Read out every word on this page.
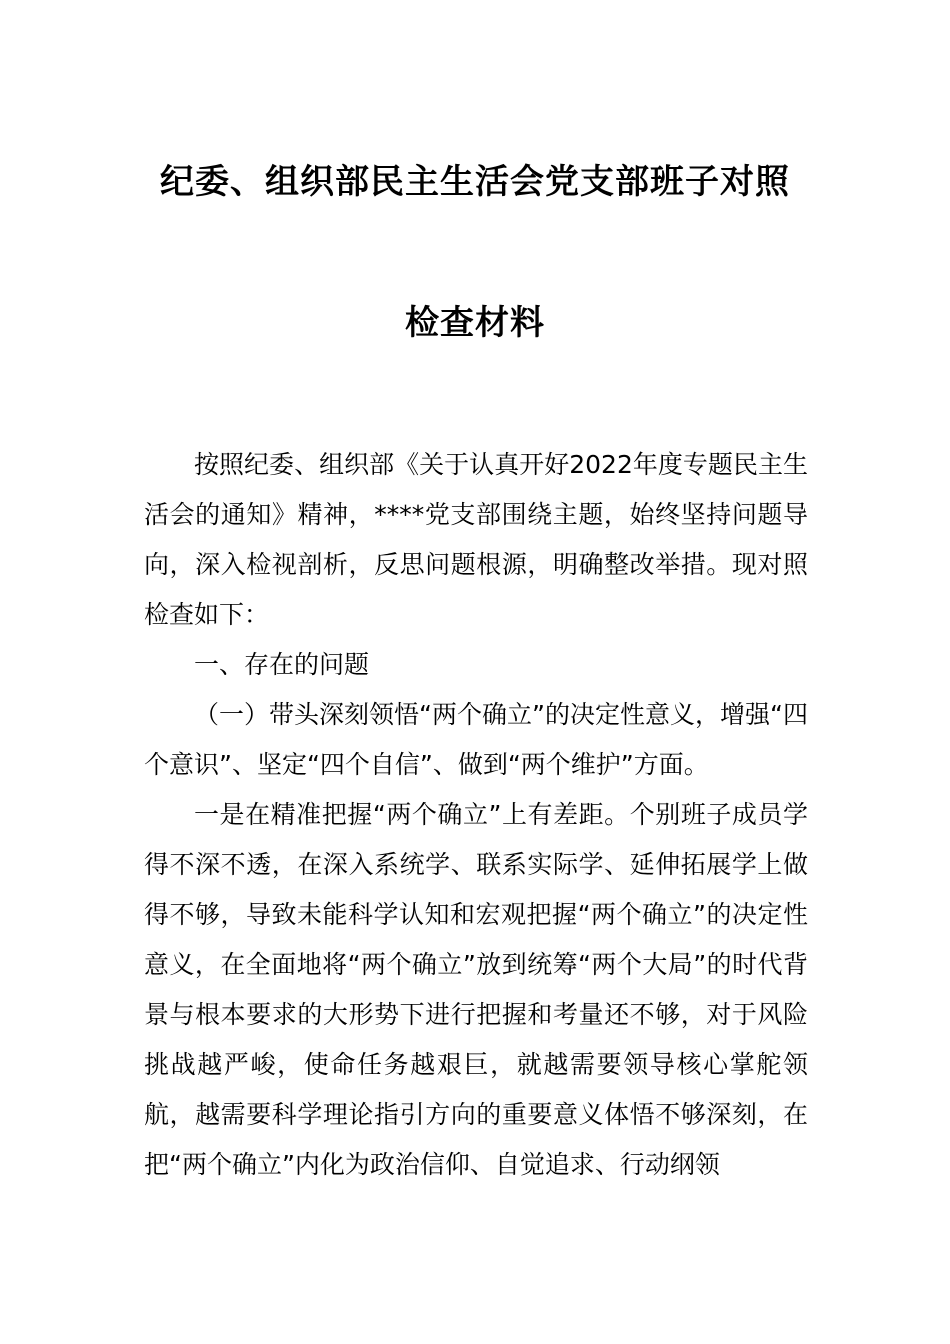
纪委、组织部民主生活会党支部班子对照
检查材料

按照纪委、组织部《关于认真开好2022年度专题民主生活会的通知》精神，****党支部围绕主题，始终坚持问题导向，深入检视剖析，反思问题根源，明确整改举措。现对照检查如下：

一、存在的问题

（一）带头深刻领悟“两个确立”的决定性意义，增强“四个意识”、坚定“四个自信”、做到“两个维护”方面。

一是在精准把握“两个确立”上有差距。个别班子成员学得不深不透，在深入系统学、联系实际学、延伸拓展学上做得不够，导致未能科学认知和宏观把握“两个确立”的决定性意义，在全面地将“两个确立”放到统筹“两个大局”的时代背景与根本要求的大形势下进行把握和考量还不够，对于风险挑战越严峻，使命任务越艰巨，就越需要领导核心掌舵领航，越需要科学理论指引方向的重要意义体悟不够深刻，在把“两个确立”内化为政治信仰、自觉追求、行动纲领
